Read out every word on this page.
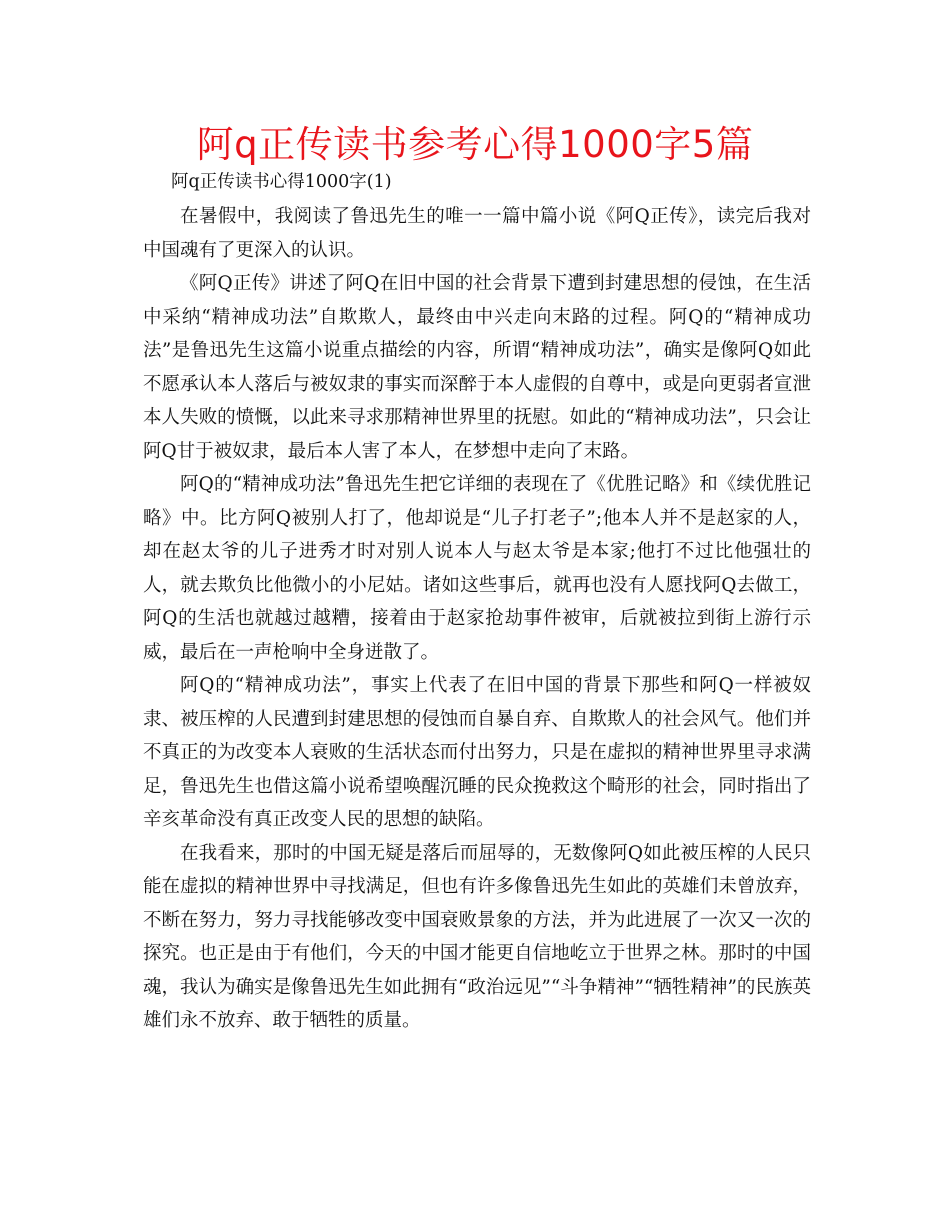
阿q正传读书参考心得1000字5篇
阿q正传读书心得1000字(1)

在暑假中，我阅读了鲁迅先生的唯一一篇中篇小说《阿Q正传》，读完后我对中国魂有了更深入的认识。

《阿Q正传》讲述了阿Q在旧中国的社会背景下遭到封建思想的侵蚀，在生活中采纳“精神成功法”自欺欺人，最终由中兴走向末路的过程。阿Q的“精神成功法”是鲁迅先生这篇小说重点描绘的内容，所谓“精神成功法”，确实是像阿Q如此不愿承认本人落后与被奴隶的事实而深醉于本人虚假的自尊中，或是向更弱者宣泄本人失败的愤慨，以此来寻求那精神世界里的抚慰。如此的“精神成功法”，只会让阿Q甘于被奴隶，最后本人害了本人，在梦想中走向了末路。

阿Q的“精神成功法”鲁迅先生把它详细的表现在了《优胜记略》和《续优胜记略》中。比方阿Q被别人打了，他却说是“儿子打老子”;他本人并不是赵家的人，却在赵太爷的儿子进秀才时对别人说本人与赵太爷是本家;他打不过比他强壮的人，就去欺负比他微小的小尼姑。诸如这些事后，就再也没有人愿找阿Q去做工，阿Q的生活也就越过越糟，接着由于赵家抢劫事件被审，后就被拉到街上游行示威，最后在一声枪响中全身迸散了。

阿Q的“精神成功法”，事实上代表了在旧中国的背景下那些和阿Q一样被奴隶、被压榨的人民遭到封建思想的侵蚀而自暴自弃、自欺欺人的社会风气。他们并不真正的为改变本人衰败的生活状态而付出努力，只是在虚拟的精神世界里寻求满足，鲁迅先生也借这篇小说希望唤醒沉睡的民众挽救这个畸形的社会，同时指出了辛亥革命没有真正改变人民的思想的缺陷。

在我看来，那时的中国无疑是落后而屈辱的，无数像阿Q如此被压榨的人民只能在虚拟的精神世界中寻找满足，但也有许多像鲁迅先生如此的英雄们未曾放弃，不断在努力，努力寻找能够改变中国衰败景象的方法，并为此进展了一次又一次的探究。也正是由于有他们，今天的中国才能更自信地屹立于世界之林。那时的中国魂，我认为确实是像鲁迅先生如此拥有“政治远见”“斗争精神”“牺牲精神”的民族英雄们永不放弃、敢于牺牲的质量。
